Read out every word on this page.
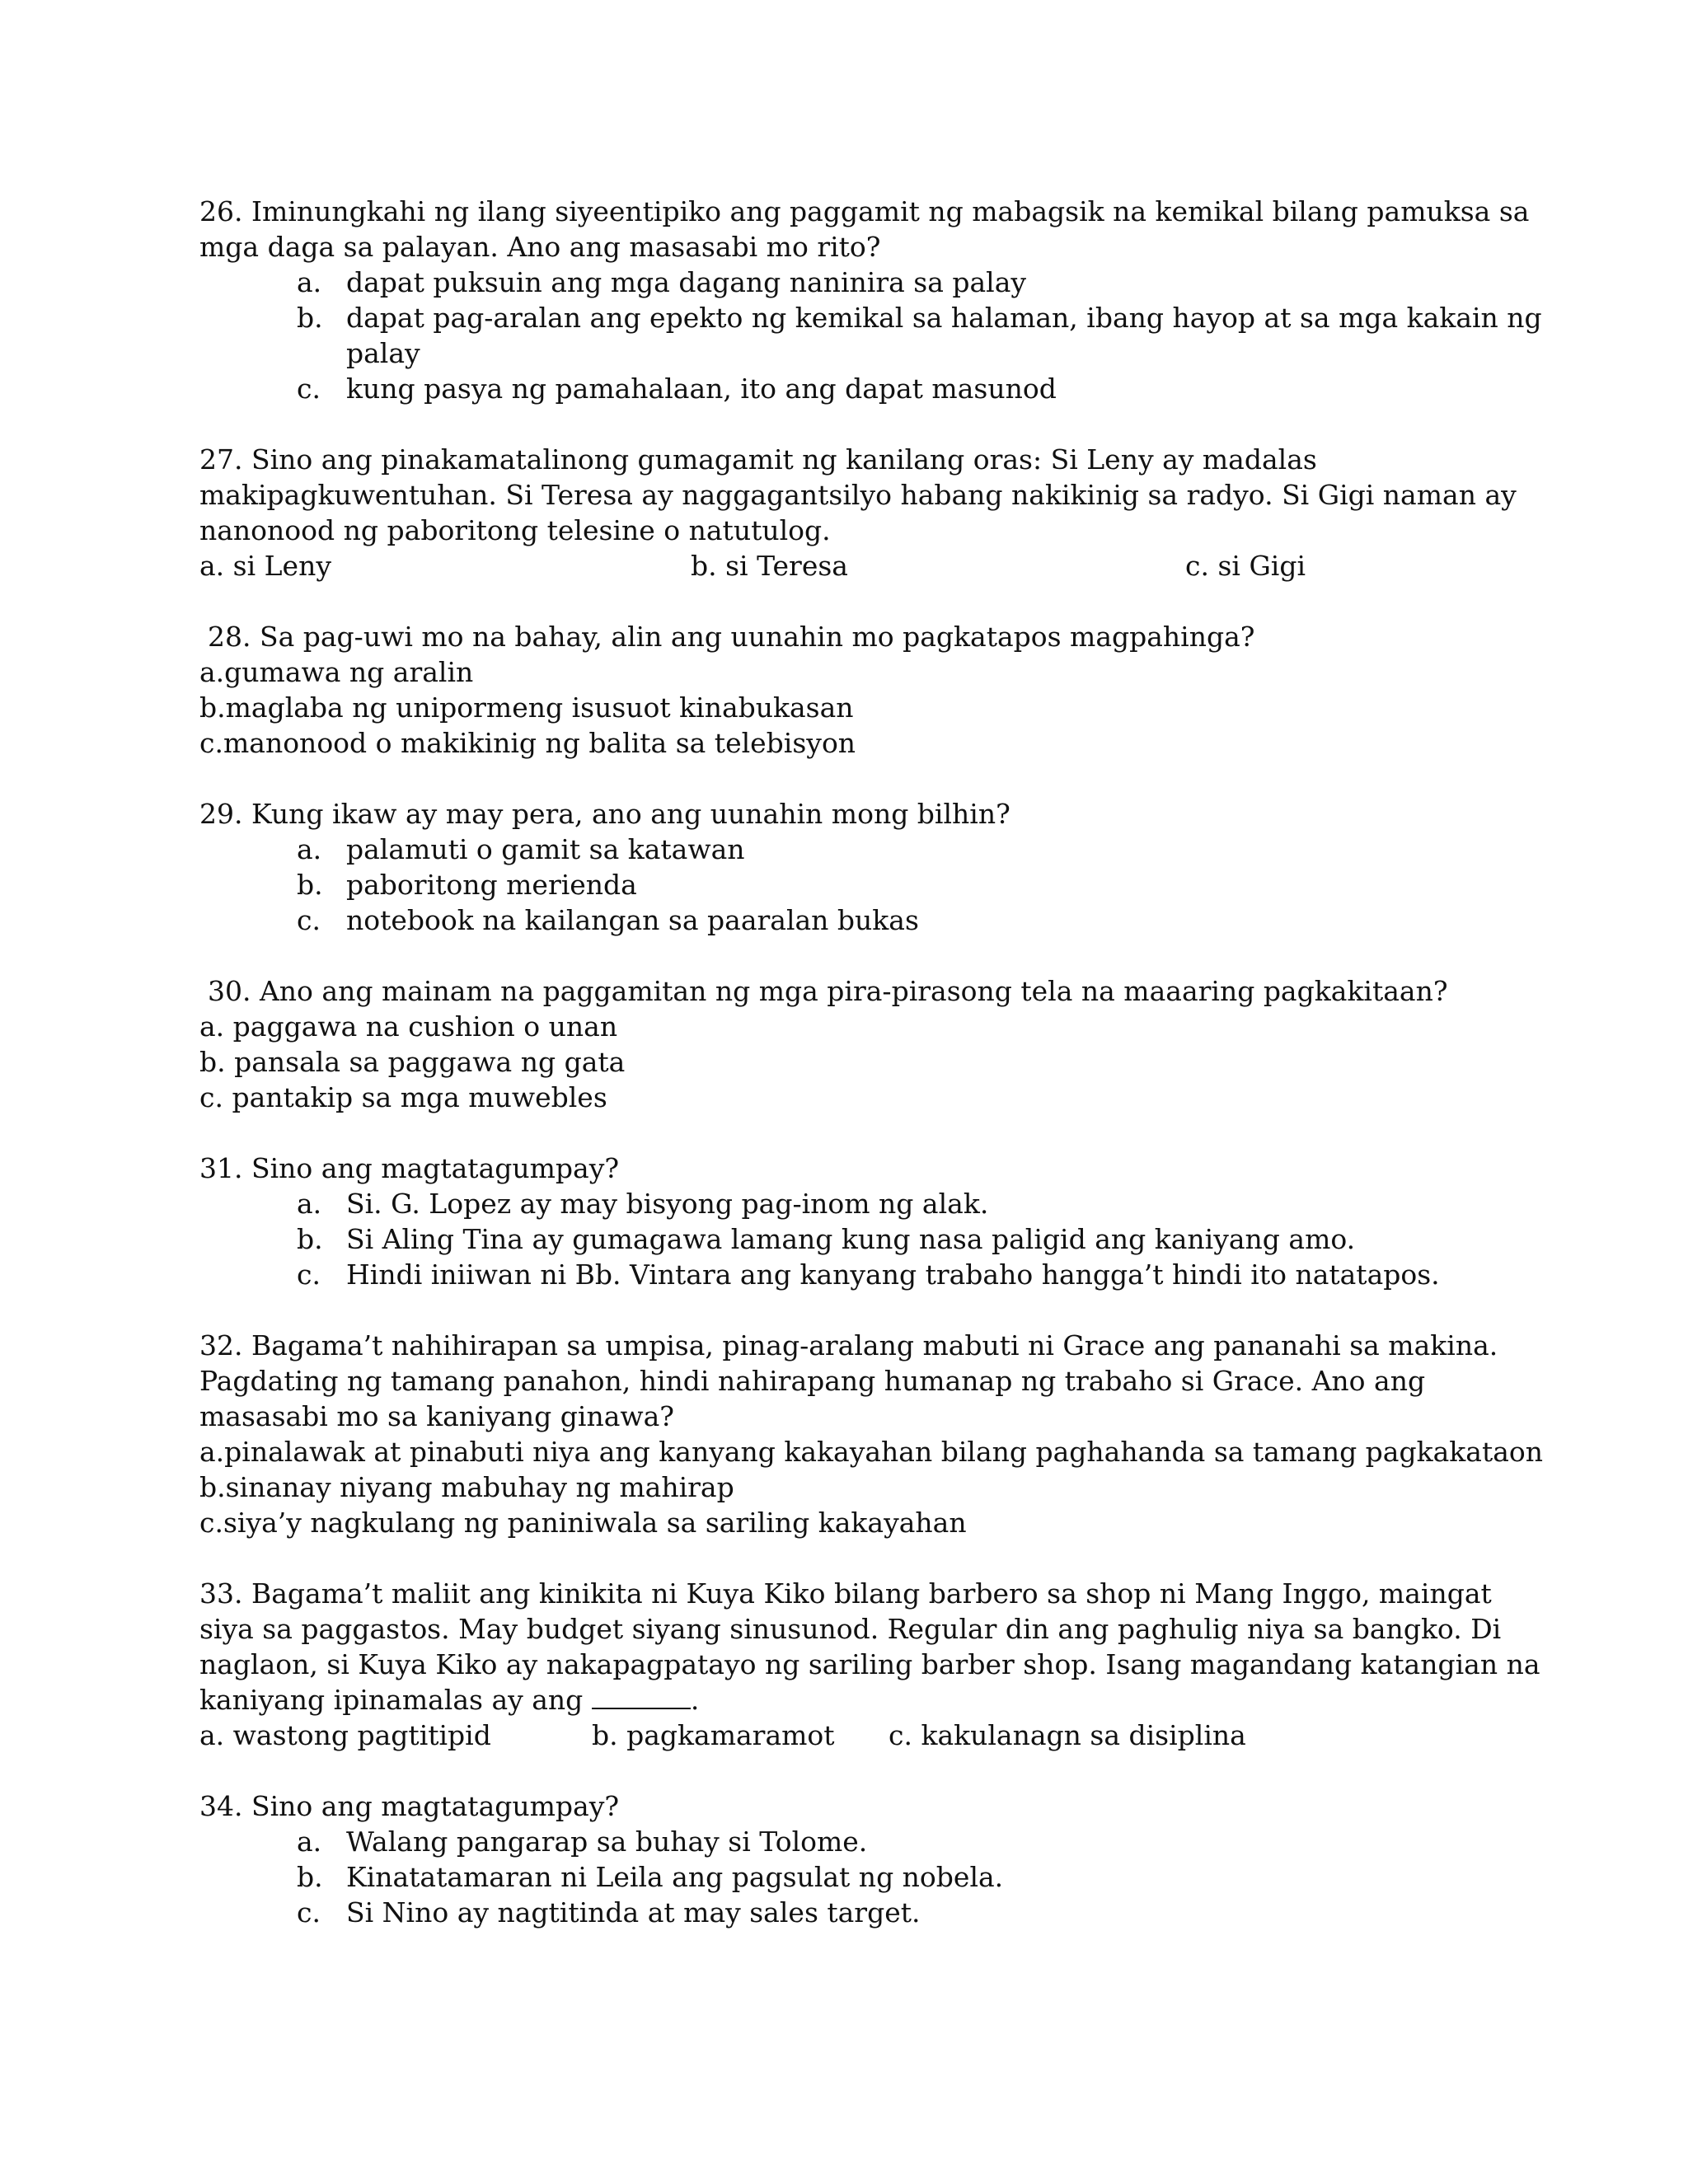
26. Iminungkahi ng ilang siyeentipiko ang paggamit ng mabagsik na kemikal bilang pamuksa sa mga daga sa palayan. Ano ang masasabi mo rito?

a. dapat puksuin ang mga dagang naninira sa palay
b. dapat pag-aralan ang epekto ng kemikal sa halaman, ibang hayop at sa mga kakain ng palay
c. kung pasya ng pamahalaan, ito ang dapat masunod

27. Sino ang pinakamatalinong gumagamit ng kanilang oras: Si Leny ay madalas makipagkuwentuhan. Si Teresa ay naggagantsilyo habang nakikinig sa radyo. Si Gigi naman ay nanonood ng paboritong telesine o natutulog.

a. si Leny	b. si Teresa	c. si Gigi

28. Sa pag-uwi mo na bahay, alin ang uunahin mo pagkatapos magpahinga?

a.gumawa ng aralin
b.maglaba ng unipormeng isusuot kinabukasan
c.manonood o makikinig ng balita sa telebisyon

29. Kung ikaw ay may pera, ano ang uunahin mong bilhin?

a. palamuti o gamit sa katawan
b. paboritong merienda
c. notebook na kailangan sa paaralan bukas

30. Ano ang mainam na paggamitan ng mga pira-pirasong tela na maaaring pagkakitaan?

a. paggawa na cushion o unan
b. pansala sa paggawa ng gata
c. pantakip sa mga muwebles

31. Sino ang magtatagumpay?

a. Si. G. Lopez ay may bisyong pag-inom ng alak.
b. Si Aling Tina ay gumagawa lamang kung nasa paligid ang kaniyang amo.
c. Hindi iniiwan ni Bb. Vintara ang kanyang trabaho hangga’t hindi ito natatapos.

32. Bagama’t nahihirapan sa umpisa, pinag-aralang mabuti ni Grace ang pananahi sa makina. Pagdating ng tamang panahon, hindi nahirapang humanap ng trabaho si Grace. Ano ang masasabi mo sa kaniyang ginawa?

a.pinalawak at pinabuti niya ang kanyang kakayahan bilang paghahanda sa tamang pagkakataon
b.sinanay niyang mabuhay ng mahirap
c.siya’y nagkulang ng paniniwala sa sariling kakayahan

33. Bagama’t maliit ang kinikita ni Kuya Kiko bilang barbero sa shop ni Mang Inggo, maingat siya sa paggastos. May budget siyang sinusunod. Regular din ang paghulig niya sa bangko. Di naglaon, si Kuya Kiko ay nakapagpatayo ng sariling barber shop. Isang magandang katangian na kaniyang ipinamalas ay ang	.

a. wastong pagtitipid	b. pagkamaramot c. kakulanagn sa disiplina

34. Sino ang magtatagumpay?

a. Walang pangarap sa buhay si Tolome.
b. Kinatatamaran ni Leila ang pagsulat ng nobela.
c. Si Nino ay nagtitinda at may sales target.
